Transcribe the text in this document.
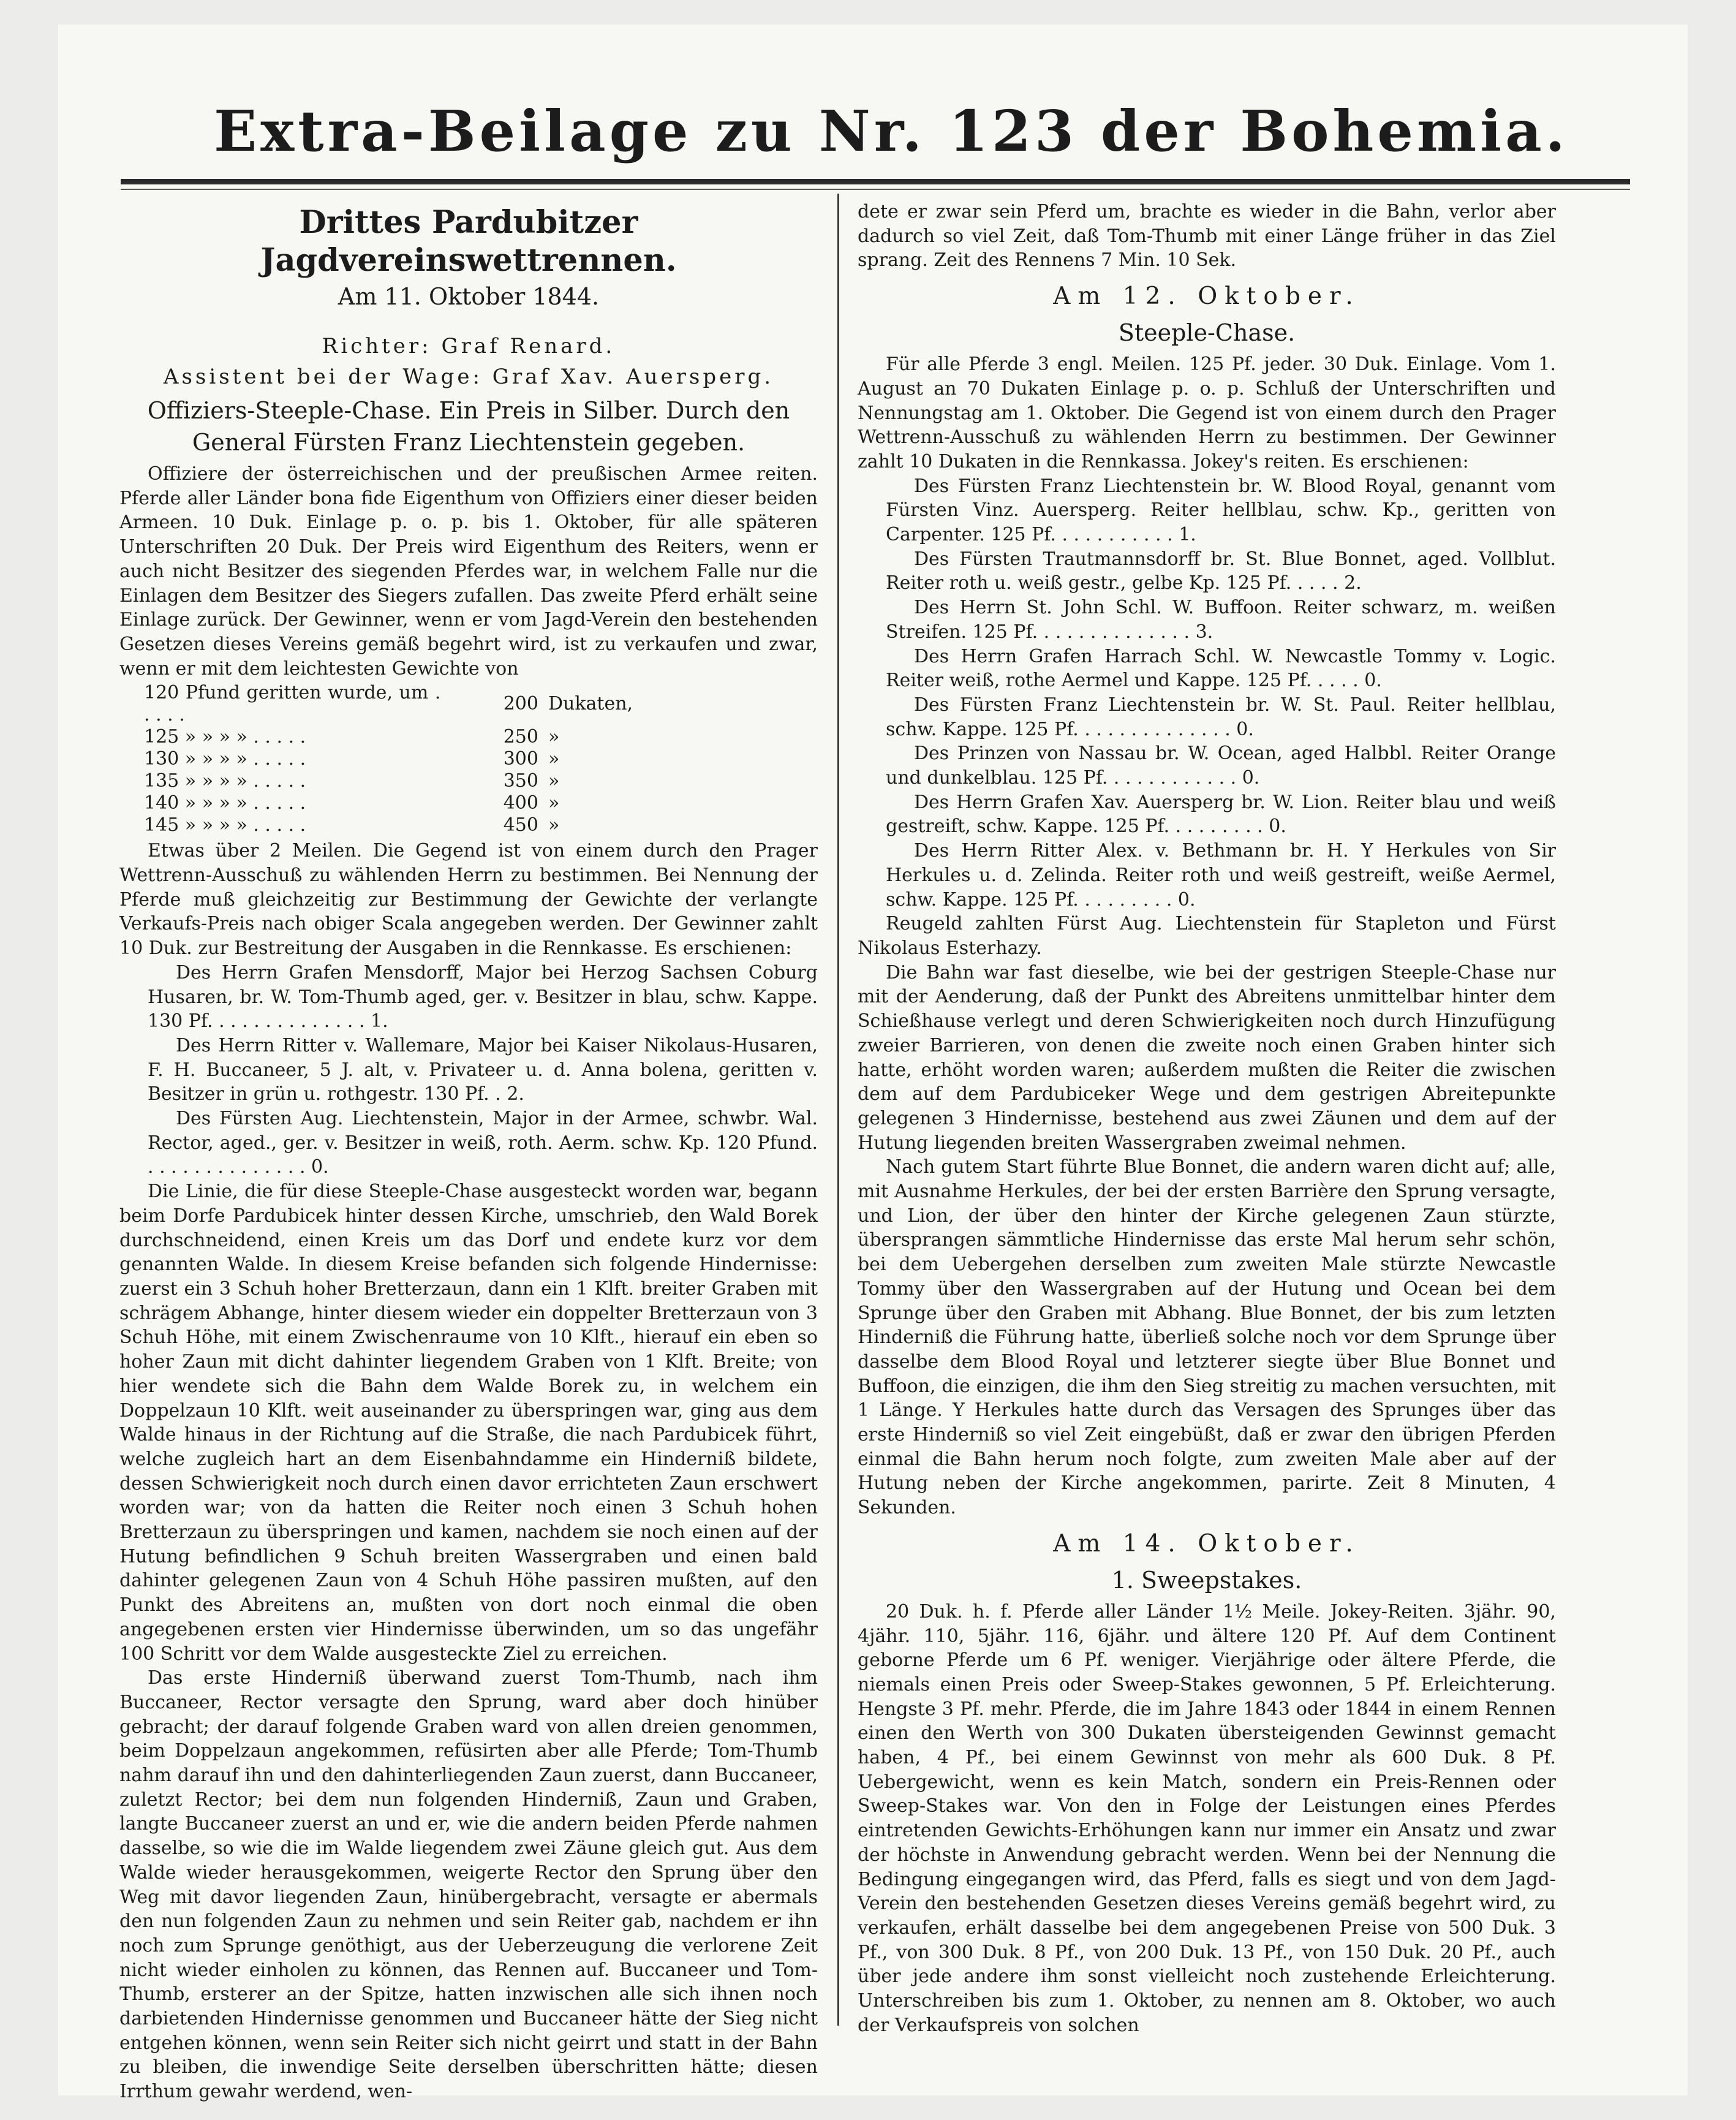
Extra-Beilage zu Nr. 123 der Bohemia.
Drittes Pardubitzer Jagdvereinswettrennen.
Am 11. Oktober 1844.
Richter: Graf Renard.
Assistent bei der Wage: Graf Xav. Auersperg.
Offiziers-Steeple-Chase. Ein Preis in Silber. Durch den General Fürsten Franz Liechtenstein gegeben.

Offiziere der österreichischen und der preußischen Armee reiten. Pferde aller Länder bona fide Eigenthum von Offiziers einer dieser beiden Armeen. 10 Duk. Einlage p. o. p. bis 1. Oktober, für alle späteren Unterschriften 20 Duk. Der Preis wird Eigenthum des Reiters, wenn er auch nicht Besitzer des siegenden Pferdes war, in welchem Falle nur die Einlagen dem Besitzer des Siegers zufallen. Das zweite Pferd erhält seine Einlage zurück. Der Gewinner, wenn er vom Jagd-Verein den bestehenden Gesetzen dieses Vereins gemäß begehrt wird, ist zu verkaufen und zwar, wenn er mit dem leichtesten Gewichte von

120 Pfund geritten wurde, um . . . . .	200	Dukaten,
125 » » » » . . . . .	250	»
130 » » » » . . . . .	300	»
135 » » » » . . . . .	350	»
140 » » » » . . . . .	400	»
145 » » » » . . . . .	450	»

Etwas über 2 Meilen. Die Gegend ist von einem durch den Prager Wettrenn-Ausschuß zu wählenden Herrn zu bestimmen. Bei Nennung der Pferde muß gleichzeitig zur Bestimmung der Gewichte der verlangte Verkaufs-Preis nach obiger Scala angegeben werden. Der Gewinner zahlt 10 Duk. zur Bestreitung der Ausgaben in die Rennkasse. Es erschienen:

Des Herrn Grafen Mensdorff, Major bei Herzog Sachsen Coburg Husaren, br. W. Tom-Thumb aged, ger. v. Besitzer in blau, schw. Kappe. 130 Pf. . . . . . . . . . . . . . 1.

Des Herrn Ritter v. Wallemare, Major bei Kaiser Nikolaus-Husaren, F. H. Buccaneer, 5 J. alt, v. Privateer u. d. Anna bolena, geritten v. Besitzer in grün u. rothgestr. 130 Pf. . 2.

Des Fürsten Aug. Liechtenstein, Major in der Armee, schwbr. Wal. Rector, aged., ger. v. Besitzer in weiß, roth. Aerm. schw. Kp. 120 Pfund. . . . . . . . . . . . . . . 0.

Die Linie, die für diese Steeple-Chase ausgesteckt worden war, begann beim Dorfe Pardubicek hinter dessen Kirche, umschrieb, den Wald Borek durchschneidend, einen Kreis um das Dorf und endete kurz vor dem genannten Walde. In diesem Kreise befanden sich folgende Hindernisse: zuerst ein 3 Schuh hoher Bretterzaun, dann ein 1 Klft. breiter Graben mit schrägem Abhange, hinter diesem wieder ein doppelter Bretterzaun von 3 Schuh Höhe, mit einem Zwischenraume von 10 Klft., hierauf ein eben so hoher Zaun mit dicht dahinter liegendem Graben von 1 Klft. Breite; von hier wendete sich die Bahn dem Walde Borek zu, in welchem ein Doppelzaun 10 Klft. weit auseinander zu überspringen war, ging aus dem Walde hinaus in der Richtung auf die Straße, die nach Pardubicek führt, welche zugleich hart an dem Eisenbahndamme ein Hinderniß bildete, dessen Schwierigkeit noch durch einen davor errichteten Zaun erschwert worden war; von da hatten die Reiter noch einen 3 Schuh hohen Bretterzaun zu überspringen und kamen, nachdem sie noch einen auf der Hutung befindlichen 9 Schuh breiten Wassergraben und einen bald dahinter gelegenen Zaun von 4 Schuh Höhe passiren mußten, auf den Punkt des Abreitens an, mußten von dort noch einmal die oben angegebenen ersten vier Hindernisse überwinden, um so das ungefähr 100 Schritt vor dem Walde ausgesteckte Ziel zu erreichen.

Das erste Hinderniß überwand zuerst Tom-Thumb, nach ihm Buccaneer, Rector versagte den Sprung, ward aber doch hinüber gebracht; der darauf folgende Graben ward von allen dreien genommen, beim Doppelzaun angekommen, refüsirten aber alle Pferde; Tom-Thumb nahm darauf ihn und den dahinterliegenden Zaun zuerst, dann Buccaneer, zuletzt Rector; bei dem nun folgenden Hinderniß, Zaun und Graben, langte Buccaneer zuerst an und er, wie die andern beiden Pferde nahmen dasselbe, so wie die im Walde liegendem zwei Zäune gleich gut. Aus dem Walde wieder herausgekommen, weigerte Rector den Sprung über den Weg mit davor liegenden Zaun, hinübergebracht, versagte er abermals den nun folgenden Zaun zu nehmen und sein Reiter gab, nachdem er ihn noch zum Sprunge genöthigt, aus der Ueberzeugung die verlorene Zeit nicht wieder einholen zu können, das Rennen auf. Buccaneer und Tom-Thumb, ersterer an der Spitze, hatten inzwischen alle sich ihnen noch darbietenden Hindernisse genommen und Buccaneer hätte der Sieg nicht entgehen können, wenn sein Reiter sich nicht geirrt und statt in der Bahn zu bleiben, die inwendige Seite derselben überschritten hätte; diesen Irrthum gewahr werdend, wen-

dete er zwar sein Pferd um, brachte es wieder in die Bahn, verlor aber dadurch so viel Zeit, daß Tom-Thumb mit einer Länge früher in das Ziel sprang. Zeit des Rennens 7 Min. 10 Sek.

Am 12. Oktober.
Steeple-Chase.

Für alle Pferde 3 engl. Meilen. 125 Pf. jeder. 30 Duk. Einlage. Vom 1. August an 70 Dukaten Einlage p. o. p. Schluß der Unterschriften und Nennungstag am 1. Oktober. Die Gegend ist von einem durch den Prager Wettrenn-Ausschuß zu wählenden Herrn zu bestimmen. Der Gewinner zahlt 10 Dukaten in die Rennkassa. Jokey's reiten. Es erschienen:

Des Fürsten Franz Liechtenstein br. W. Blood Royal, genannt vom Fürsten Vinz. Auersperg. Reiter hellblau, schw. Kp., geritten von Carpenter. 125 Pf. . . . . . . . . . . 1.

Des Fürsten Trautmannsdorff br. St. Blue Bonnet, aged. Vollblut. Reiter roth u. weiß gestr., gelbe Kp. 125 Pf. . . . . 2.

Des Herrn St. John Schl. W. Buffoon. Reiter schwarz, m. weißen Streifen. 125 Pf. . . . . . . . . . . . . . 3.

Des Herrn Grafen Harrach Schl. W. Newcastle Tommy v. Logic. Reiter weiß, rothe Aermel und Kappe. 125 Pf. . . . . 0.

Des Fürsten Franz Liechtenstein br. W. St. Paul. Reiter hellblau, schw. Kappe. 125 Pf. . . . . . . . . . . . . . 0.

Des Prinzen von Nassau br. W. Ocean, aged Halbbl. Reiter Orange und dunkelblau. 125 Pf. . . . . . . . . . . . 0.

Des Herrn Grafen Xav. Auersperg br. W. Lion. Reiter blau und weiß gestreift, schw. Kappe. 125 Pf. . . . . . . . . 0.

Des Herrn Ritter Alex. v. Bethmann br. H. Y Herkules von Sir Herkules u. d. Zelinda. Reiter roth und weiß gestreift, weiße Aermel, schw. Kappe. 125 Pf. . . . . . . . . 0.

Reugeld zahlten Fürst Aug. Liechtenstein für Stapleton und Fürst Nikolaus Esterhazy.

Die Bahn war fast dieselbe, wie bei der gestrigen Steeple-Chase nur mit der Aenderung, daß der Punkt des Abreitens unmittelbar hinter dem Schießhause verlegt und deren Schwierigkeiten noch durch Hinzufügung zweier Barrieren, von denen die zweite noch einen Graben hinter sich hatte, erhöht worden waren; außerdem mußten die Reiter die zwischen dem auf dem Pardubiceker Wege und dem gestrigen Abreitepunkte gelegenen 3 Hindernisse, bestehend aus zwei Zäunen und dem auf der Hutung liegenden breiten Wassergraben zweimal nehmen.

Nach gutem Start führte Blue Bonnet, die andern waren dicht auf; alle, mit Ausnahme Herkules, der bei der ersten Barrière den Sprung versagte, und Lion, der über den hinter der Kirche gelegenen Zaun stürzte, übersprangen sämmtliche Hindernisse das erste Mal herum sehr schön, bei dem Uebergehen derselben zum zweiten Male stürzte Newcastle Tommy über den Wassergraben auf der Hutung und Ocean bei dem Sprunge über den Graben mit Abhang. Blue Bonnet, der bis zum letzten Hinderniß die Führung hatte, überließ solche noch vor dem Sprunge über dasselbe dem Blood Royal und letzterer siegte über Blue Bonnet und Buffoon, die einzigen, die ihm den Sieg streitig zu machen versuchten, mit 1 Länge. Y Herkules hatte durch das Versagen des Sprunges über das erste Hinderniß so viel Zeit eingebüßt, daß er zwar den übrigen Pferden einmal die Bahn herum noch folgte, zum zweiten Male aber auf der Hutung neben der Kirche angekommen, parirte. Zeit 8 Minuten, 4 Sekunden.

Am 14. Oktober.
1. Sweepstakes.

20 Duk. h. f. Pferde aller Länder 1½ Meile. Jokey-Reiten. 3jähr. 90, 4jähr. 110, 5jähr. 116, 6jähr. und ältere 120 Pf. Auf dem Continent geborne Pferde um 6 Pf. weniger. Vierjährige oder ältere Pferde, die niemals einen Preis oder Sweep-Stakes gewonnen, 5 Pf. Erleichterung. Hengste 3 Pf. mehr. Pferde, die im Jahre 1843 oder 1844 in einem Rennen einen den Werth von 300 Dukaten übersteigenden Gewinnst gemacht haben, 4 Pf., bei einem Gewinnst von mehr als 600 Duk. 8 Pf. Uebergewicht, wenn es kein Match, sondern ein Preis-Rennen oder Sweep-Stakes war. Von den in Folge der Leistungen eines Pferdes eintretenden Gewichts-Erhöhungen kann nur immer ein Ansatz und zwar der höchste in Anwendung gebracht werden. Wenn bei der Nennung die Bedingung eingegangen wird, das Pferd, falls es siegt und von dem Jagd-Verein den bestehenden Gesetzen dieses Vereins gemäß begehrt wird, zu verkaufen, erhält dasselbe bei dem angegebenen Preise von 500 Duk. 3 Pf., von 300 Duk. 8 Pf., von 200 Duk. 13 Pf., von 150 Duk. 20 Pf., auch über jede andere ihm sonst vielleicht noch zustehende Erleichterung. Unterschreiben bis zum 1. Oktober, zu nennen am 8. Oktober, wo auch der Verkaufspreis von solchen
